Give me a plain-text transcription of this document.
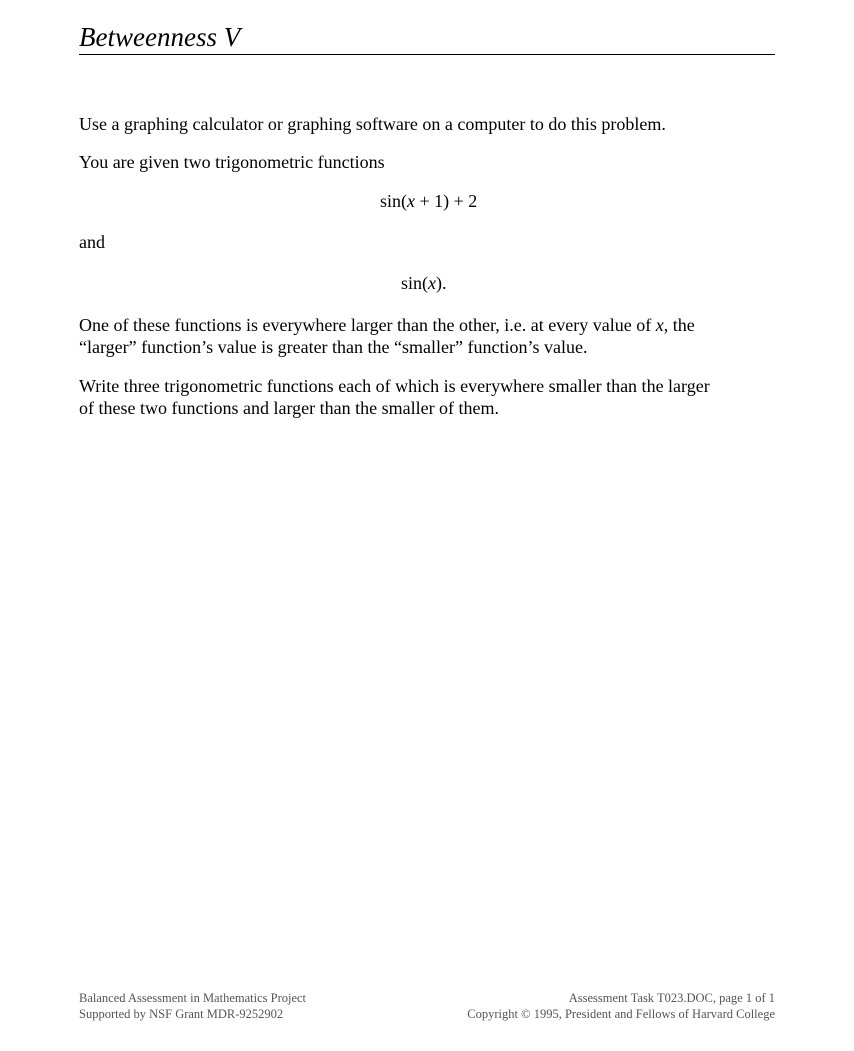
Betweenness V
Use a graphing calculator or graphing software on a computer to do this problem.
You are given two trigonometric functions
sin(x + 1) + 2
and
sin(x).
One of these functions is everywhere larger than the other, i.e. at every value of x, the
“larger” function’s value is greater than the “smaller” function’s value.
Write three trigonometric functions each of which is everywhere smaller than the larger
of these two functions and larger than the smaller of them.
Balanced Assessment in Mathematics Project
Supported by NSF Grant MDR-9252902
Assessment Task T023.DOC, page 1 of 1
Copyright © 1995, President and Fellows of Harvard College
